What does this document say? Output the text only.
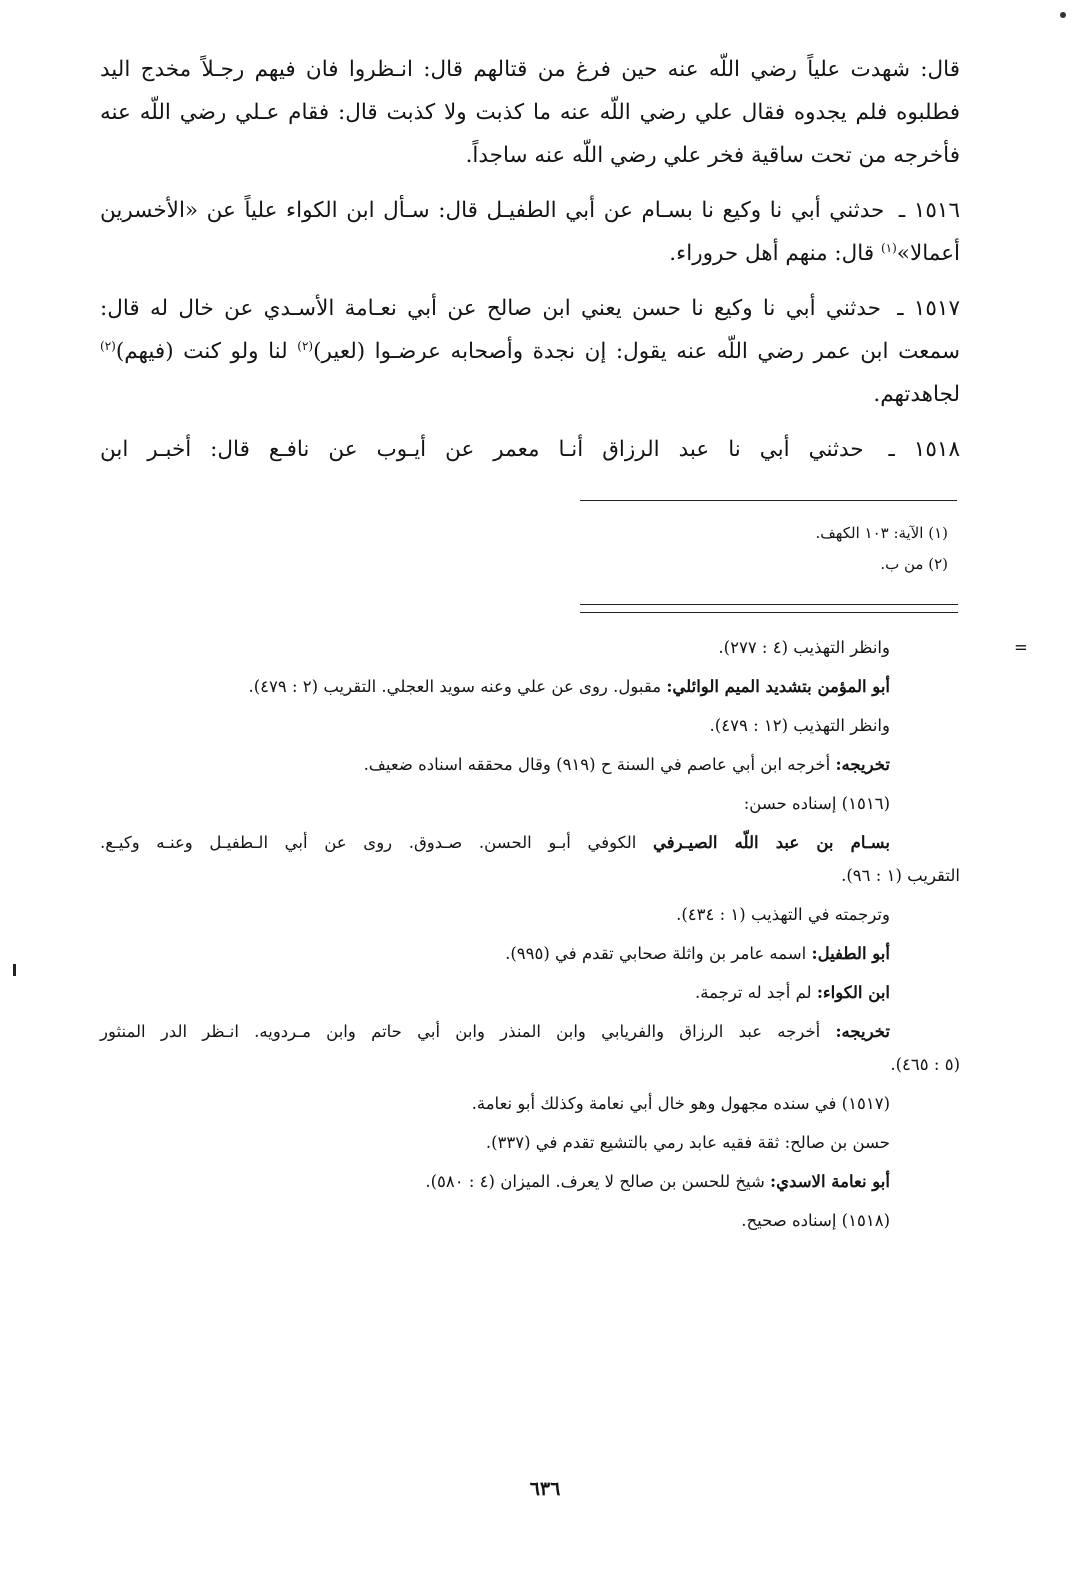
قال: شهدت علياً رضي اللّه عنه حين فرغ من قتالهم قال: انـظروا فان فيهم رجـلاً مخدج اليد فطلبوه فلم يجدوه فقال علي رضي اللّه عنه ما كذبت ولا كذبت قال: فقام عـلي رضي اللّه عنه فأخرجه من تحت ساقية فخر علي رضي اللّه عنه ساجداً.

١٥١٦ ـ حدثني أبي نا وكيع نا بسـام عن أبي الطفيـل قال: سـأل ابن الكواء علياً عن «الأخسرين أعمالا»$^{(١)}$ قال: منهم أهل حروراء.

١٥١٧ ـ حدثني أبي نا وكيع نا حسن يعني ابن صالح عن أبي نعـامة الأسـدي عن خال له قال: سمعت ابن عمر رضي اللّه عنه يقول: إن نجدة وأصحابه عرضـوا (لعير)$^{(٢)}$ لنا ولو كنت (فيهم)$^{(٢)}$ لجاهدتهم.

١٥١٨ ـ حدثني أبي نا عبد الرزاق أنـا معمر عن أيـوب عن نافـع قال: أخبـر ابن

(١) الآية: ١٠٣ الكهف.

(٢) من ب.

=
وانظر التهذيب (٤ : ٢٧٧).

أبو المؤمن بتشديد الميم الوائلي: مقبول. روى عن علي وعنه سويد العجلي. التقريب (٢ : ٤٧٩).

وانظر التهذيب (١٢ : ٤٧٩).

تخريجه: أخرجه ابن أبي عاصم في السنة ح (٩١٩) وقال محققه اسناده ضعيف.

(١٥١٦) إسناده حسن:

بسـام بن عبد اللّه الصيـرفي الكوفي أبـو الحسن. صـدوق. روى عن أبي الـطفيـل وعنـه وكيـع.

التقريب (١ : ٩٦).

وترجمته في التهذيب (١ : ٤٣٤).

أبو الطفيل: اسمه عامر بن واثلة صحابي تقدم في (٩٩٥).

ابن الكواء: لم أجد له ترجمة.

تخريجه: أخرجه عبد الرزاق والفريابي وابن المنذر وابن أبي حاتم وابن مـردويه. انـظر الدر المنثور

(٥ : ٤٦٥).

(١٥١٧) في سنده مجهول وهو خال أبي نعامة وكذلك أبو نعامة.

حسن بن صالح: ثقة فقيه عابد رمي بالتشيع تقدم في (٣٣٧).

أبو نعامة الاسدي: شيخ للحسن بن صالح لا يعرف. الميزان (٤ : ٥٨٠).

(١٥١٨) إسناده صحيح.

٦٣٦
